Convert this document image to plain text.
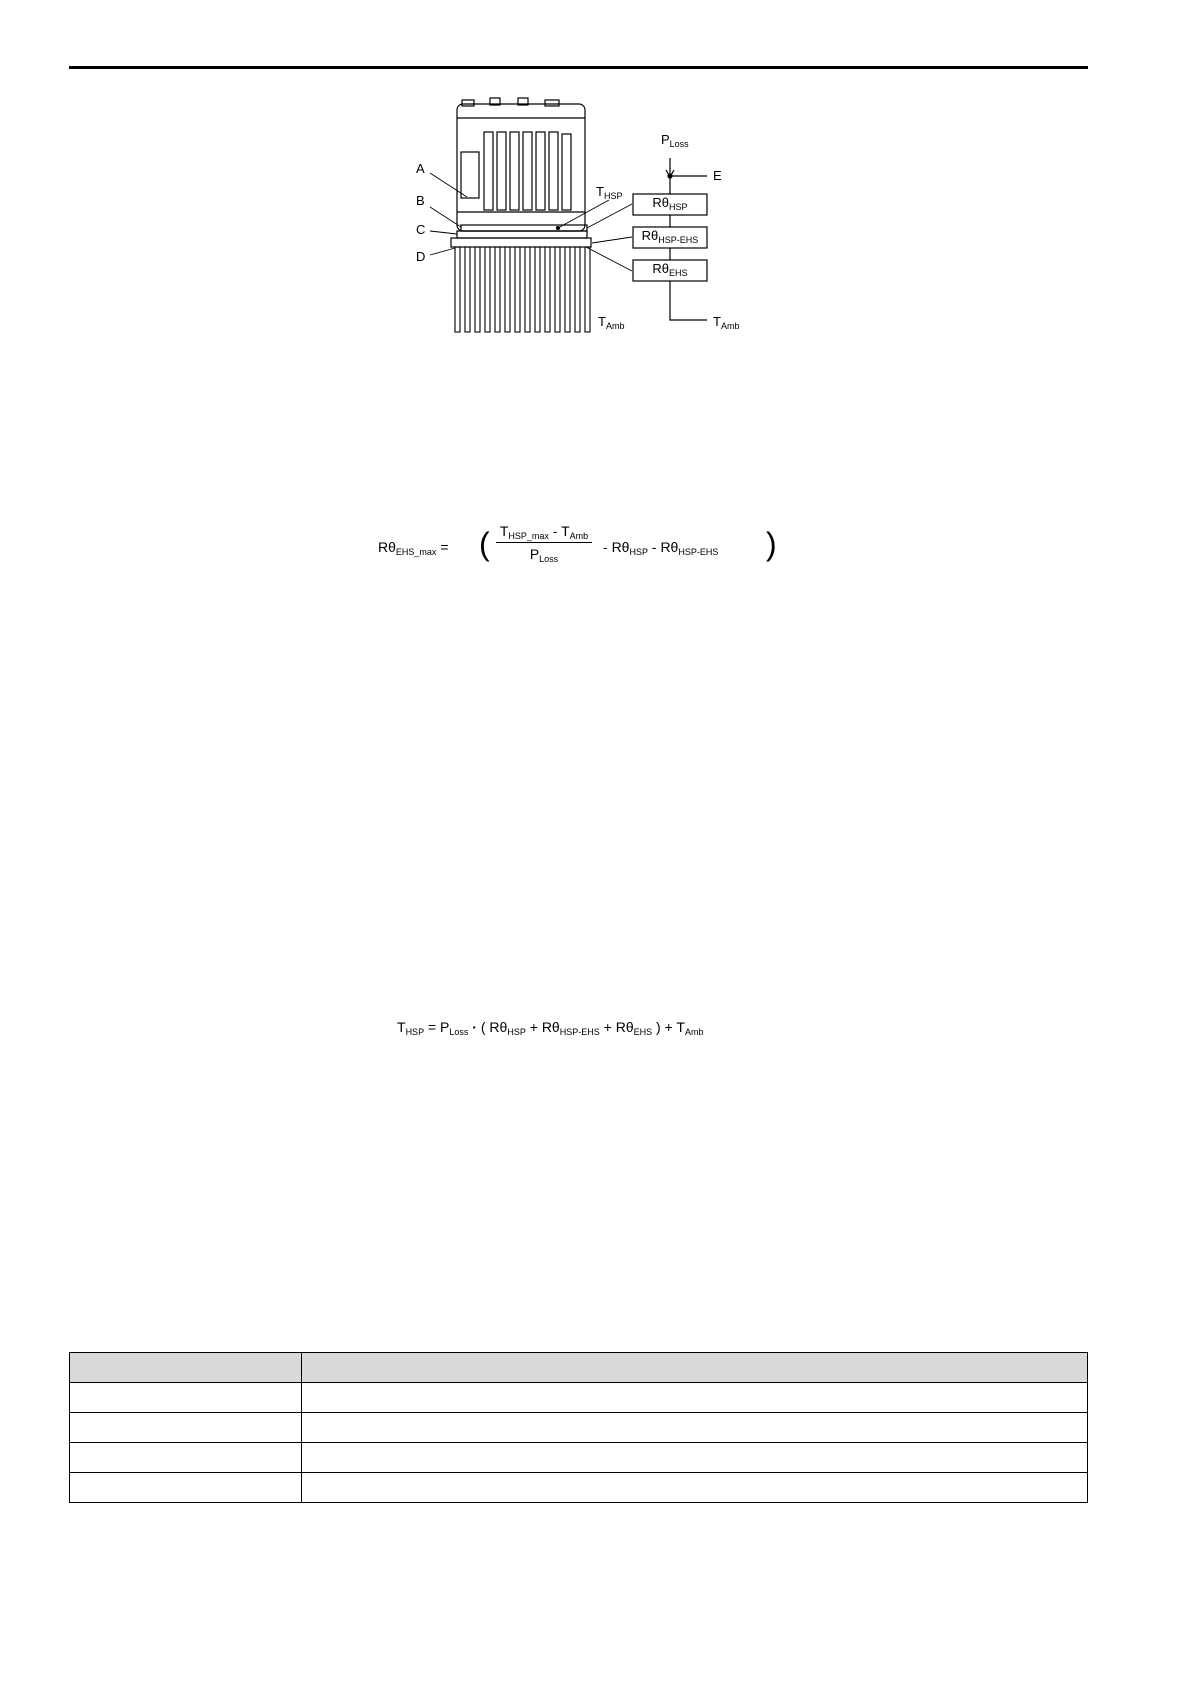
A
B
C
D
E
$T_{HSP}$
$T_{Amb}$	$T_{Amb}$
$P_{Loss}$
$R\theta_{HSP}$
$R\theta_{HSP-EHS}$
$R\theta_{EHS}$
$R\theta_{EHS\_max}$ = ( $T_{HSP\_max} - T_{Amb}$
$P_{Loss}$
- $R\theta_{HSP} - R\theta_{HSP-EHS}$ )
$T_{HSP} = P_{Loss}$ · ( $R\theta_{HSP} + R\theta_{HSP-EHS} + R\theta_{EHS}$ ) + $T_{Amb}$
